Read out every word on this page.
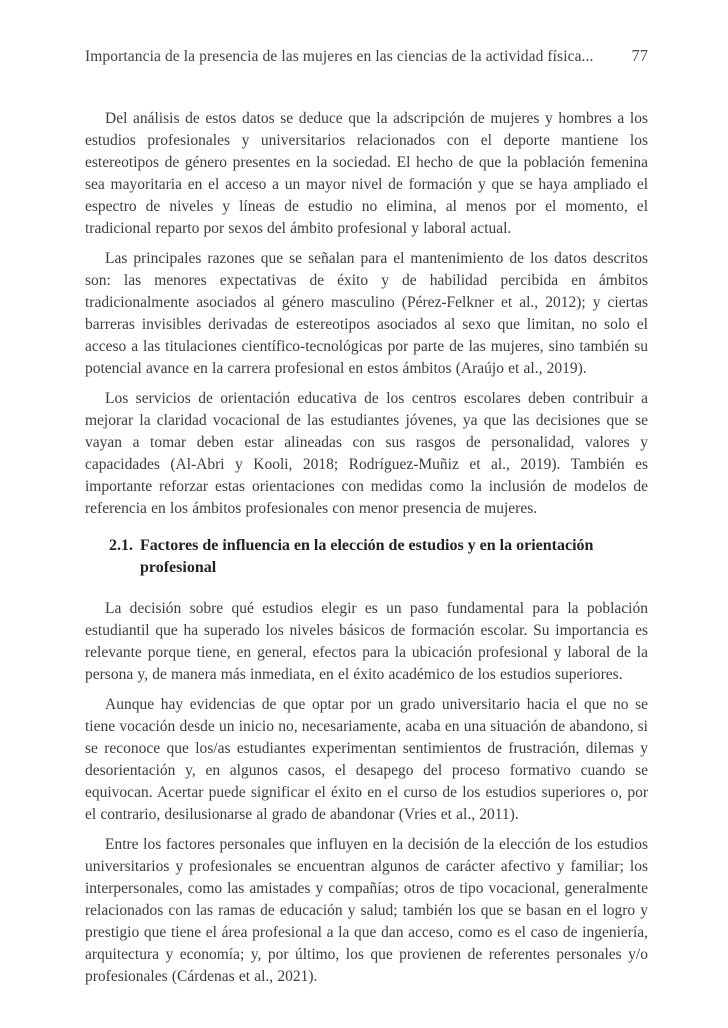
Importancia de la presencia de las mujeres en las ciencias de la actividad física...	77

Del análisis de estos datos se deduce que la adscripción de mujeres y hombres a los estudios profesionales y universitarios relacionados con el deporte mantiene los estereotipos de género presentes en la sociedad. El hecho de que la población femenina sea mayoritaria en el acceso a un mayor nivel de formación y que se haya ampliado el espectro de niveles y líneas de estudio no elimina, al menos por el momento, el tradicional reparto por sexos del ámbito profesional y laboral actual.

Las principales razones que se señalan para el mantenimiento de los datos descritos son: las menores expectativas de éxito y de habilidad percibida en ámbitos tradicionalmente asociados al género masculino (Pérez-Felkner et al., 2012); y ciertas barreras invisibles derivadas de estereotipos asociados al sexo que limitan, no solo el acceso a las titulaciones científico-tecnológicas por parte de las mujeres, sino también su potencial avance en la carrera profesional en estos ámbitos (Araújo et al., 2019).

Los servicios de orientación educativa de los centros escolares deben contribuir a mejorar la claridad vocacional de las estudiantes jóvenes, ya que las decisiones que se vayan a tomar deben estar alineadas con sus rasgos de personalidad, valores y capacidades (Al-Abri y Kooli, 2018; Rodríguez-Muñiz et al., 2019). También es importante reforzar estas orientaciones con medidas como la inclusión de modelos de referencia en los ámbitos profesionales con menor presencia de mujeres.

2.1. Factores de influencia en la elección de estudios y en la orientación profesional

La decisión sobre qué estudios elegir es un paso fundamental para la población estudiantil que ha superado los niveles básicos de formación escolar. Su importancia es relevante porque tiene, en general, efectos para la ubicación profesional y laboral de la persona y, de manera más inmediata, en el éxito académico de los estudios superiores.

Aunque hay evidencias de que optar por un grado universitario hacia el que no se tiene vocación desde un inicio no, necesariamente, acaba en una situación de abandono, si se reconoce que los/as estudiantes experimentan sentimientos de frustración, dilemas y desorientación y, en algunos casos, el desapego del proceso formativo cuando se equivocan. Acertar puede significar el éxito en el curso de los estudios superiores o, por el contrario, desilusionarse al grado de abandonar (Vries et al., 2011).

Entre los factores personales que influyen en la decisión de la elección de los estudios universitarios y profesionales se encuentran algunos de carácter afectivo y familiar; los interpersonales, como las amistades y compañías; otros de tipo vocacional, generalmente relacionados con las ramas de educación y salud; también los que se basan en el logro y prestigio que tiene el área profesional a la que dan acceso, como es el caso de ingeniería, arquitectura y economía; y, por último, los que provienen de referentes personales y/o profesionales (Cárdenas et al., 2021).
